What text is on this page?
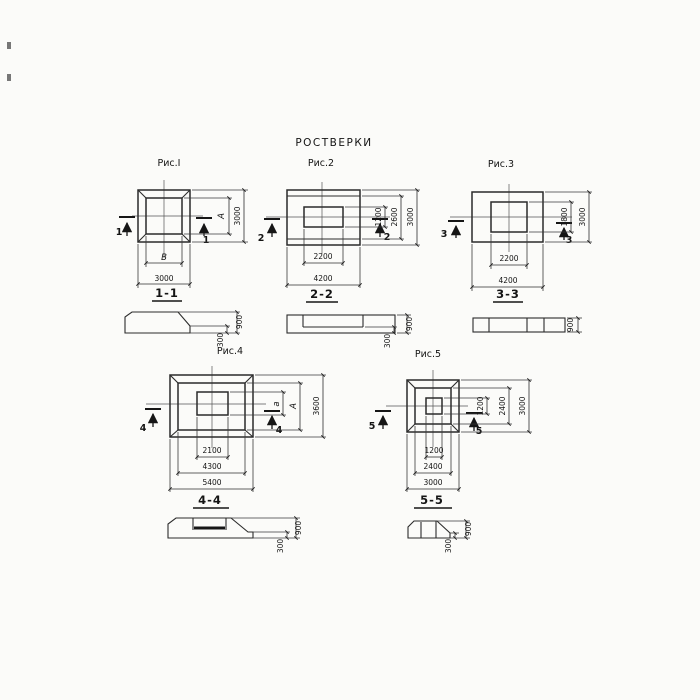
РОСТВЕРКИ
Рис.I
1
1
В
3000
А 3000
1-1
900
300
Рис.2
2	2
2200
4200
1200 2600 3000
2-2
900
300
Рис.3
3
3
2200
4200
1800 3000
3-3
900
Рис.4
4	4
2100
4300
5400
а А 3600
4-4
900
300
Рис.5
5	5
1200
2400
3000
1200 2400 3000
5-5
900
300
